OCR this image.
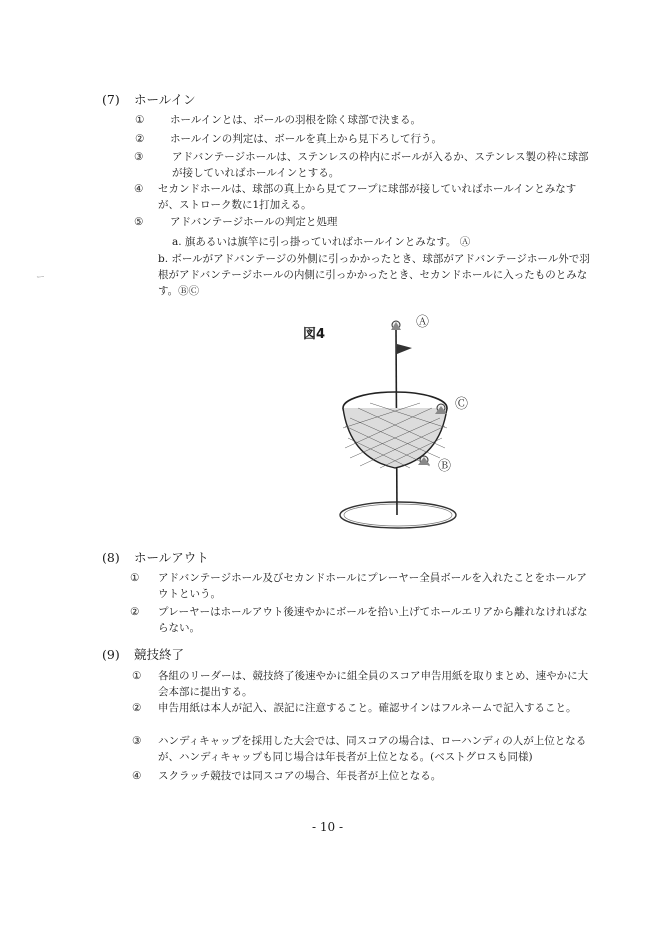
ー
(7) ホールイン
① ホールインとは、ボールの羽根を除く球部で決まる。
② ホールインの判定は、ボールを真上から見下ろして行う。
③	アドバンテージホールは、ステンレスの枠内にボールが入るか、ステンレス製の枠に球部が接していればホールインとする。
④ セカンドホールは、球部の真上から見てフープに球部が接していればホールインとみなすが、ストローク数に1打加える。
⑤	アドバンテージホールの判定と処理
a. 旗あるいは旗竿に引っ掛っていればホールインとみなす。 Ⓐ
b. ボールがアドバンテージの外側に引っかかったとき、球部がアドバンテージホール外で羽根がアドバンテージホールの内側に引っかかったとき、セカンドホールに入ったものとみなす。ⒷⒸ
図4
Ⓐ
Ⓒ
Ⓑ
(8) ホールアウト
① アドバンテージホール及びセカンドホールにプレーヤー全員ボールを入れたことをホールアウトという。
② プレーヤーはホールアウト後速やかにボールを拾い上げてホールエリアから離れなければならない。
(9) 競技終了
① 各組のリーダーは、競技終了後速やかに組全員のスコア申告用紙を取りまとめ、速やかに大会本部に提出する。
② 申告用紙は本人が記入、誤記に注意すること。確認サインはフルネームで記入すること。
③ ハンディキャップを採用した大会では、同スコアの場合は、ローハンディの人が上位となるが、ハンディキャップも同じ場合は年長者が上位となる。(ベストグロスも同様)
④ スクラッチ競技では同スコアの場合、年長者が上位となる。
- 10 -
